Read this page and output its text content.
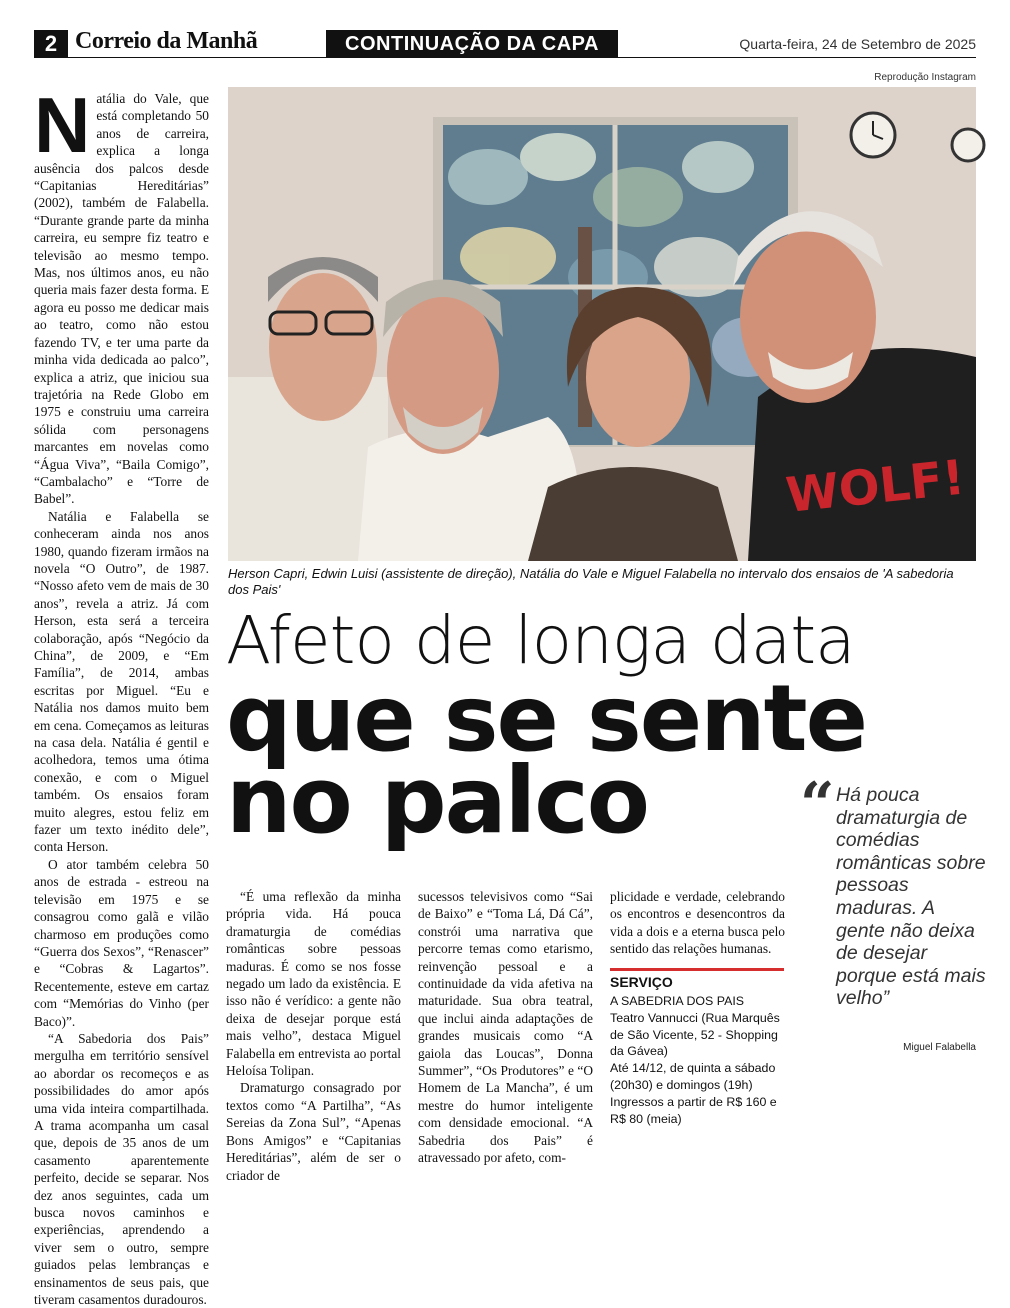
2 Correio da Manhã	CONTINUAÇÃO DA CAPA	Quarta-feira, 24 de Setembro de 2025
Reprodução Instagram

Natália do Vale, que está completando 50 anos de carreira, explica a longa ausência dos palcos desde “Capitanias Hereditárias” (2002), também de Falabella. “Durante grande parte da minha carreira, eu sempre fiz teatro e televisão ao mesmo tempo. Mas, nos últimos anos, eu não queria mais fazer desta forma. E agora eu posso me dedicar mais ao teatro, como não estou fazendo TV, e ter uma parte da minha vida dedicada ao palco”, explica a atriz, que iniciou sua trajetória na Rede Globo em 1975 e construiu uma carreira sólida com personagens marcantes em novelas como “Água Viva”, “Baila Comigo”, “Cambalacho” e “Torre de Babel”.

Natália e Falabella se conheceram ainda nos anos 1980, quando fizeram irmãos na novela “O Outro”, de 1987. “Nosso afeto vem de mais de 30 anos”, revela a atriz. Já com Herson, esta será a terceira colaboração, após “Negócio da China”, de 2009, e “Em Família”, de 2014, ambas escritas por Miguel. “Eu e Natália nos damos muito bem em cena. Começamos as leituras na casa dela. Natália é gentil e acolhedora, temos uma ótima conexão, e com o Miguel também. Os ensaios foram muito alegres, estou feliz em fazer um texto inédito dele”, conta Herson.

O ator também celebra 50 anos de estrada - estreou na televisão em 1975 e se consagrou como galã e vilão charmoso em produções como “Guerra dos Sexos”, “Renascer” e “Cobras & Lagartos”. Recentemente, esteve em cartaz com “Memórias do Vinho (per Baco)”.

“A Sabedoria dos Pais” mergulha em território sensível ao abordar os recomeços e as possibilidades do amor após uma vida inteira compartilhada. A trama acompanha um casal que, depois de 35 anos de um casamento aparentemente perfeito, decide se separar. Nos dez anos seguintes, cada um busca novos caminhos e experiências, aprendendo a viver sem o outro, sempre guiados pelas lembranças e ensinamentos de seus pais, que tiveram casamentos duradouros.

WOLF!
Herson Capri, Edwin Luisi (assistente de direção), Natália do Vale e Miguel Falabella no intervalo dos ensaios de 'A sabedoria dos Pais'
Afeto de longa data
que se sente
no palco	“ Há pouca dramaturgia de comédias românticas sobre pessoas maduras. A gente não deixa de desejar porque está mais velho”
Miguel Falabella

“É uma reflexão da minha própria vida. Há pouca dramaturgia de comédias românticas sobre pessoas maduras. É como se nos fosse negado um lado da existência. E isso não é verídico: a gente não deixa de desejar porque está mais velho”, destaca Miguel Falabella em entrevista ao portal Heloísa Tolipan.

Dramaturgo consagrado por textos como “A Partilha”, “As Sereias da Zona Sul”, “Apenas Bons Amigos” e “Capitanias Hereditárias”, além de ser o criador de

sucessos televisivos como “Sai de Baixo” e “Toma Lá, Dá Cá”, constrói uma narrativa que percorre temas como etarismo, reinvenção pessoal e a continuidade da vida afetiva na maturidade. Sua obra teatral, que inclui ainda adaptações de grandes musicais como “A gaiola das Loucas”, Donna Summer”, “Os Produtores” e “O Homem de La Mancha”, é um mestre do humor inteligente com densidade emocional. “A Sabedria dos Pais” é atravessado por afeto, com-

plicidade e verdade, celebrando os encontros e desencontros da vida a dois e a eterna busca pelo sentido das relações humanas.

SERVIÇO
A SABEDRIA DOS PAIS
Teatro Vannucci (Rua Marquês de São Vicente, 52 - Shopping da Gávea)
Até 14/12, de quinta a sábado (20h30) e domingos (19h)
Ingressos a partir de R$ 160 e R$ 80 (meia)
